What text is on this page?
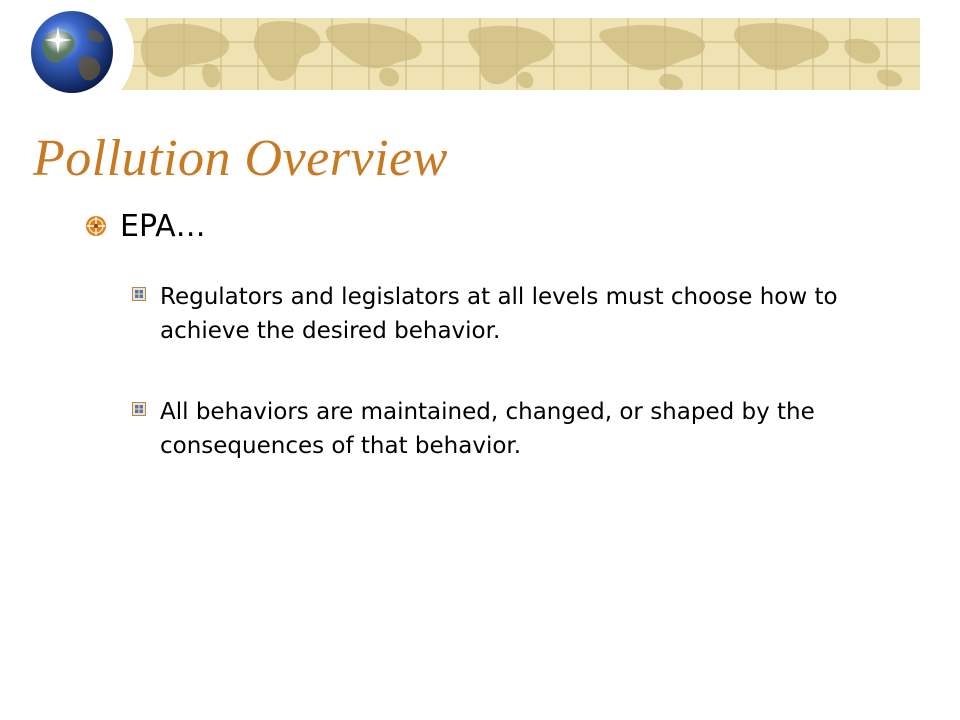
Pollution Overview
EPA…
Regulators and legislators at all levels must choose how to achieve the desired behavior.
All behaviors are maintained, changed, or shaped by the consequences of that behavior.
